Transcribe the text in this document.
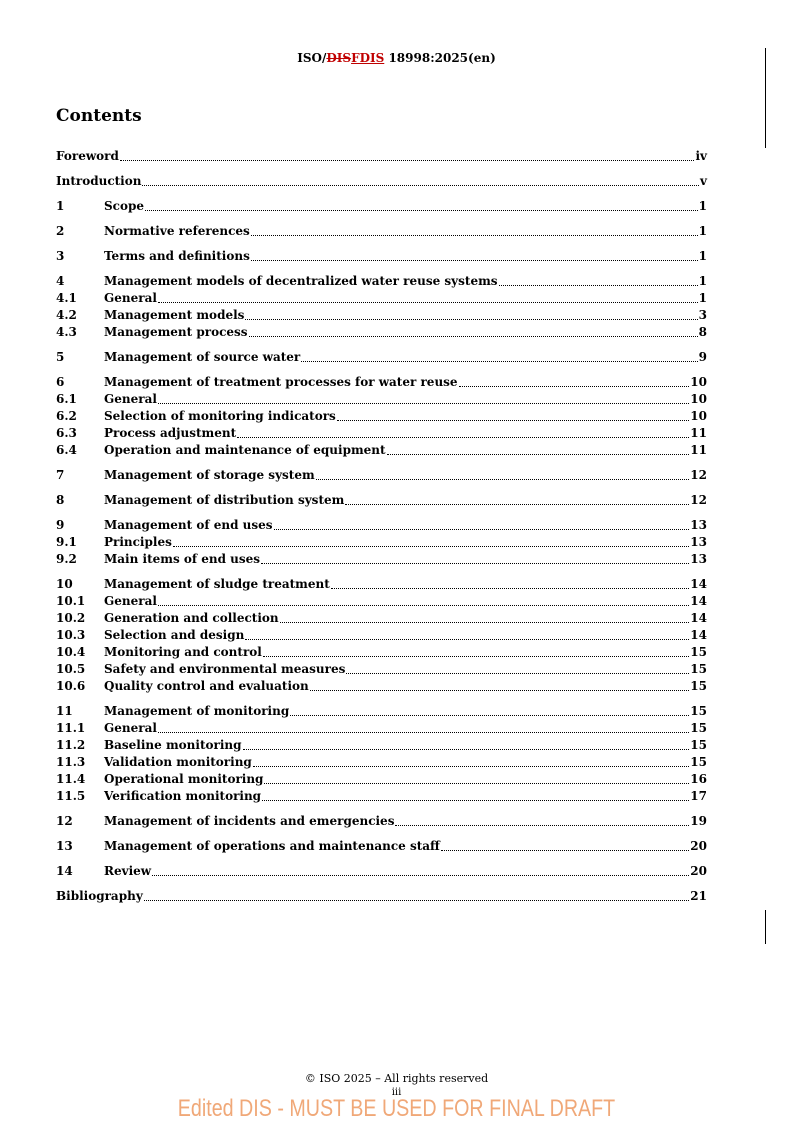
ISO/DISFDIS 18998:2025(en)
Contents
Foreword	iv
Introduction	v
1	Scope	1
2	Normative references	1
3	Terms and definitions	1
4	Management models of decentralized water reuse systems	1
4.1	General	1
4.2	Management models	3
4.3	Management process	8
5	Management of source water	9
6	Management of treatment processes for water reuse	10
6.1	General	10
6.2	Selection of monitoring indicators	10
6.3	Process adjustment	11
6.4	Operation and maintenance of equipment	11
7	Management of storage system	12
8	Management of distribution system	12
9	Management of end uses	13
9.1	Principles	13
9.2	Main items of end uses	13
10	Management of sludge treatment	14
10.1	General	14
10.2	Generation and collection	14
10.3	Selection and design	14
10.4	Monitoring and control	15
10.5	Safety and environmental measures	15
10.6	Quality control and evaluation	15
11	Management of monitoring	15
11.1	General	15
11.2	Baseline monitoring	15
11.3	Validation monitoring	15
11.4	Operational monitoring	16
11.5	Verification monitoring	17
12	Management of incidents and emergencies	19
13	Management of operations and maintenance staff	20
14	Review	20
Bibliography	21
© ISO 2025 – All rights reserved
iii
Edited DIS - MUST BE USED FOR FINAL DRAFT
